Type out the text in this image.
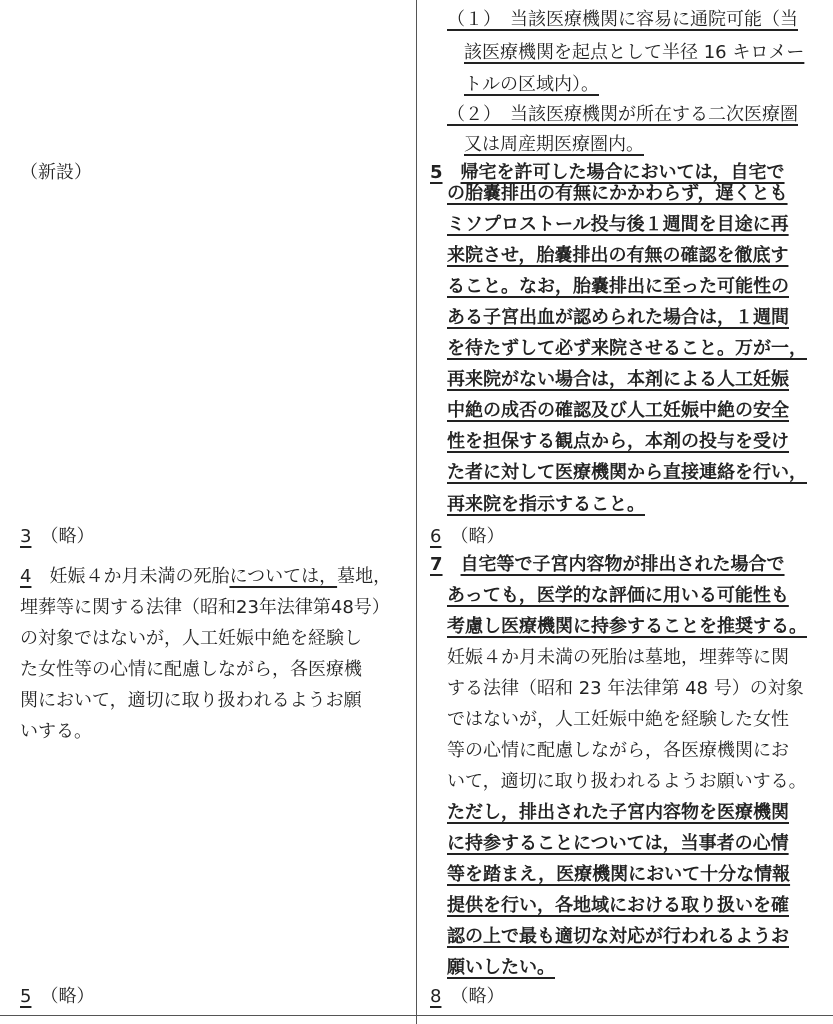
（新設）
3　 （略）
4　 妊娠４か月未満の死胎については，墓地，
埋葬等に関する法律（昭和23年法律第48号）
の対象ではないが，人工妊娠中絶を経験し
た女性等の心情に配慮しながら，各医療機
関において，適切に取り扱われるようお願
いする。
5　 （略）
（１）　当該医療機関に容易に通院可能（当
該医療機関を起点として半径 16 キロメー
トルの区域内）。
（２）　当該医療機関が所在する二次医療圏
又は周産期医療圏内。
5　 帰宅を許可した場合においては，自宅で
の胎嚢排出の有無にかかわらず，遅くとも
ミソプロストール投与後１週間を目途に再
来院させ，胎嚢排出の有無の確認を徹底す
ること。なお，胎嚢排出に至った可能性の
ある子宮出血が認められた場合は，１週間
を待たずして必ず来院させること。万が一，
再来院がない場合は，本剤による人工妊娠
中絶の成否の確認及び人工妊娠中絶の安全
性を担保する観点から，本剤の投与を受け
た者に対して医療機関から直接連絡を行い，
再来院を指示すること。
6　 （略）
7　 自宅等で子宮内容物が排出された場合で
あっても，医学的な評価に用いる可能性も
考慮し医療機関に持参することを推奨する。
妊娠４か月未満の死胎は墓地，埋葬等に関
する法律（昭和 23 年法律第 48 号）の対象
ではないが，人工妊娠中絶を経験した女性
等の心情に配慮しながら，各医療機関にお
いて，適切に取り扱われるようお願いする。
ただし，排出された子宮内容物を医療機関
に持参することについては，当事者の心情
等を踏まえ，医療機関において十分な情報
提供を行い，各地域における取り扱いを確
認の上で最も適切な対応が行われるようお
願いしたい。
8　 （略）
